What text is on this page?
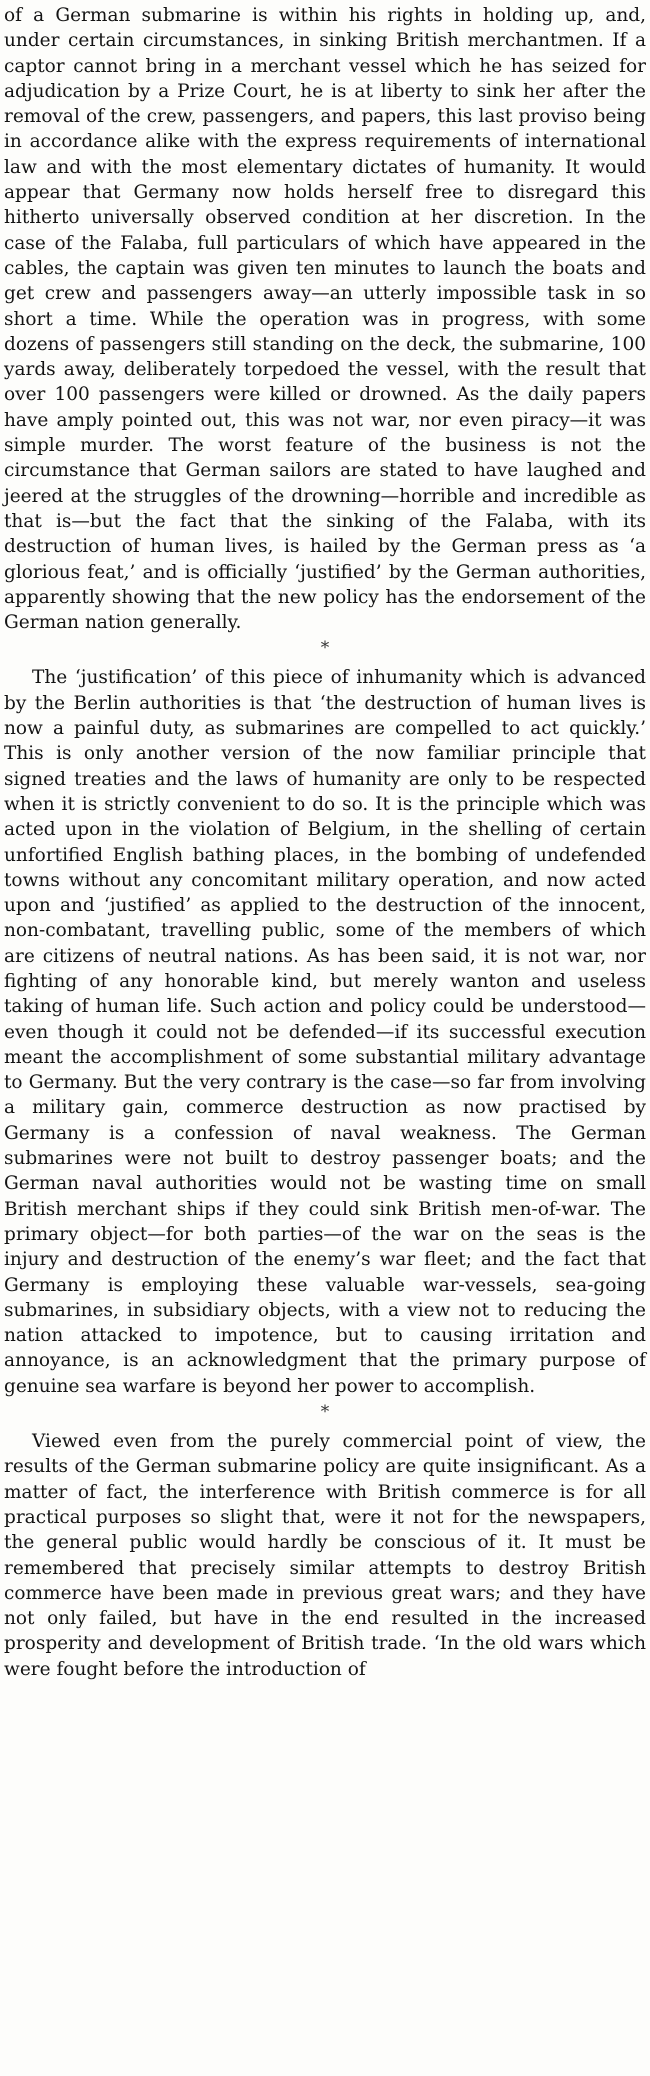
of a German submarine is within his rights in holding up, and, under certain circumstances, in sinking British merchantmen. If a captor cannot bring in a merchant vessel which he has seized for adjudication by a Prize Court, he is at liberty to sink her after the removal of the crew, passengers, and papers, this last proviso being in accordance alike with the express requirements of international law and with the most elementary dictates of humanity. It would appear that Germany now holds herself free to disregard this hitherto universally observed condition at her discretion. In the case of the Falaba, full particulars of which have appeared in the cables, the captain was given ten minutes to launch the boats and get crew and passengers away—an utterly impossible task in so short a time. While the operation was in progress, with some dozens of passengers still standing on the deck, the submarine, 100 yards away, deliberately torpedoed the vessel, with the result that over 100 passengers were killed or drowned. As the daily papers have amply pointed out, this was not war, nor even piracy—it was simple murder. The worst feature of the business is not the circumstance that German sailors are stated to have laughed and jeered at the struggles of the drowning—horrible and incredible as that is—but the fact that the sinking of the Falaba, with its destruction of human lives, is hailed by the German press as ‘a glorious feat,’ and is officially ‘justified’ by the German authorities, apparently showing that the new policy has the endorsement of the German nation generally.

*

The ‘justification’ of this piece of inhumanity which is advanced by the Berlin authorities is that ‘the destruction of human lives is now a painful duty, as submarines are compelled to act quickly.’ This is only another version of the now familiar principle that signed treaties and the laws of humanity are only to be respected when it is strictly convenient to do so. It is the principle which was acted upon in the violation of Belgium, in the shelling of certain unfortified English bathing places, in the bombing of undefended towns without any concomitant military operation, and now acted upon and ‘justified’ as applied to the destruction of the innocent, non-combatant, travelling public, some of the members of which are citizens of neutral nations. As has been said, it is not war, nor fighting of any honorable kind, but merely wanton and useless taking of human life. Such action and policy could be understood—even though it could not be defended—if its successful execution meant the accomplishment of some substantial military advantage to Germany. But the very contrary is the case—so far from involving a military gain, commerce destruction as now practised by Germany is a confession of naval weakness. The German submarines were not built to destroy passenger boats; and the German naval authorities would not be wasting time on small British merchant ships if they could sink British men-of-war. The primary object—for both parties—of the war on the seas is the injury and destruction of the enemy’s war fleet; and the fact that Germany is employing these valuable war-vessels, sea-going submarines, in subsidiary objects, with a view not to reducing the nation attacked to impotence, but to causing irritation and annoyance, is an acknowledgment that the primary purpose of genuine sea warfare is beyond her power to accomplish.

*

Viewed even from the purely commercial point of view, the results of the German submarine policy are quite insignificant. As a matter of fact, the interference with British commerce is for all practical purposes so slight that, were it not for the newspapers, the general public would hardly be conscious of it. It must be remembered that precisely similar attempts to destroy British commerce have been made in previous great wars; and they have not only failed, but have in the end resulted in the increased prosperity and development of British trade. ‘In the old wars which were fought before the introduction of
